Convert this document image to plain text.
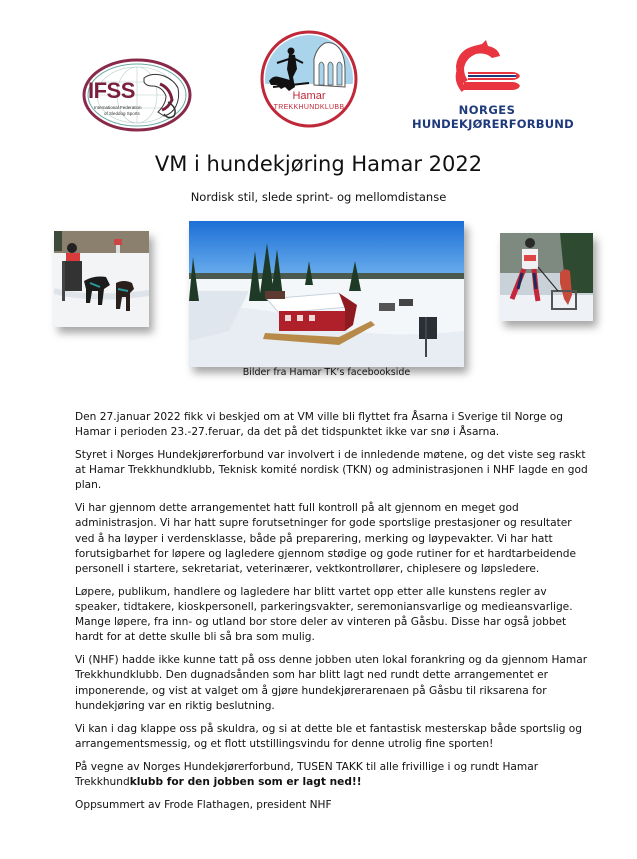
IFSS
International Federation
of Sleddog Sports
Hamar
TREKKHUNDKLUBB	NORGES
HUNDEKJØRERFORBUND
VM i hundekjøring Hamar 2022
Nordisk stil, slede sprint- og mellomdistanse
Bilder fra Hamar TK’s facebookside

Den 27.januar 2022 fikk vi beskjed om at VM ville bli flyttet fra Åsarna i Sverige til Norge og Hamar i perioden 23.-27.feruar, da det på det tidspunktet ikke var snø i Åsarna.

Styret i Norges Hundekjørerforbund var involvert i de innledende møtene, og det viste seg raskt at Hamar Trekkhundklubb, Teknisk komité nordisk (TKN) og administrasjonen i NHF lagde en god plan.

Vi har gjennom dette arrangementet hatt full kontroll på alt gjennom en meget god administrasjon. Vi har hatt supre forutsetninger for gode sportslige prestasjoner og resultater ved å ha løyper i verdensklasse, både på preparering, merking og løypevakter. Vi har hatt forutsigbarhet for løpere og lagledere gjennom stødige og gode rutiner for et hardtarbeidende personell i startere, sekretariat, veterinærer, vektkontrollører, chiplesere og løpsledere.

Løpere, publikum, handlere og lagledere har blitt vartet opp etter alle kunstens regler av speaker, tidtakere, kioskpersonell, parkeringsvakter, seremoniansvarlige og medieansvarlige. Mange løpere, fra inn- og utland bor store deler av vinteren på Gåsbu. Disse har også jobbet hardt for at dette skulle bli så bra som mulig.

Vi (NHF) hadde ikke kunne tatt på oss denne jobben uten lokal forankring og da gjennom Hamar Trekkhundklubb. Den dugnadsånden som har blitt lagt ned rundt dette arrangementet er imponerende, og vist at valget om å gjøre hundekjørerarenaen på Gåsbu til riksarena for hundekjøring var en riktig beslutning.

Vi kan i dag klappe oss på skuldra, og si at dette ble et fantastisk mesterskap både sportslig og arrangementsmessig, og et flott utstillingsvindu for denne utrolig fine sporten!

På vegne av Norges Hundekjørerforbund, TUSEN TAKK til alle frivillige i og rundt Hamar Trekkhundklubb for den jobben som er lagt ned!!

Oppsummert av Frode Flathagen, president NHF
